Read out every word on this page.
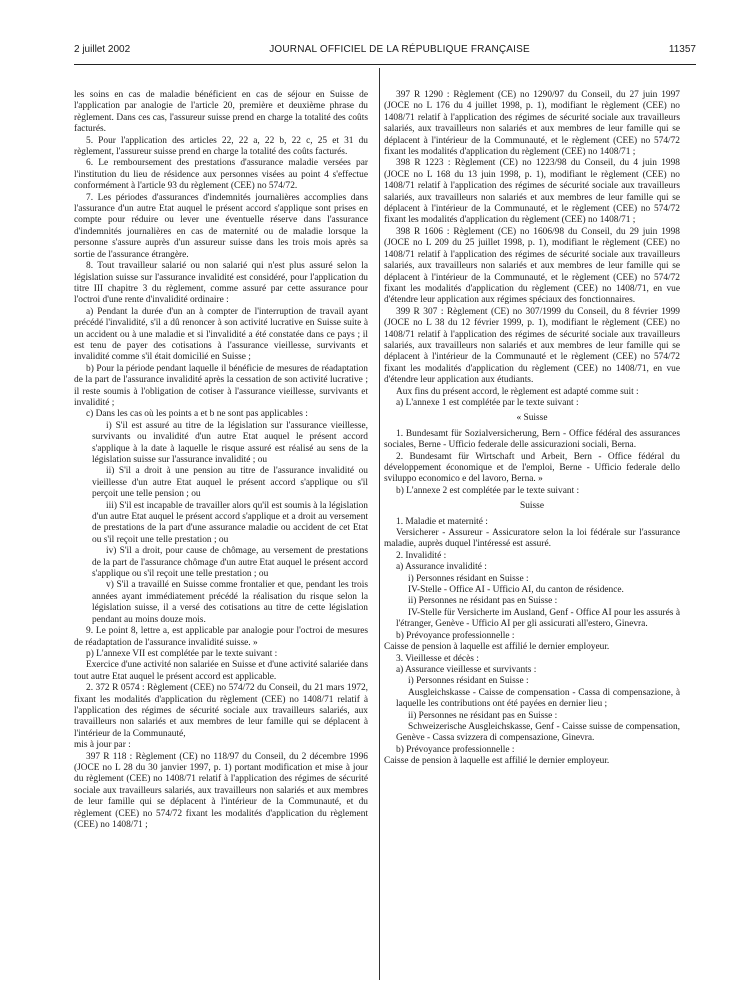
2 juillet 2002	JOURNAL OFFICIEL DE LA RÉPUBLIQUE FRANÇAISE	11357

les soins en cas de maladie bénéficient en cas de séjour en Suisse de l'application par analogie de l'article 20, première et deuxième phrase du règlement. Dans ces cas, l'assureur suisse prend en charge la totalité des coûts facturés.

5. Pour l'application des articles 22, 22 a, 22 b, 22 c, 25 et 31 du règlement, l'assureur suisse prend en charge la totalité des coûts facturés.

6. Le remboursement des prestations d'assurance maladie versées par l'institution du lieu de résidence aux personnes visées au point 4 s'effectue conformément à l'article 93 du règlement (CEE) no 574/72.

7. Les périodes d'assurances d'indemnités journalières accomplies dans l'assurance d'un autre Etat auquel le présent accord s'applique sont prises en compte pour réduire ou lever une éventuelle réserve dans l'assurance d'indemnités journalières en cas de maternité ou de maladie lorsque la personne s'assure auprès d'un assureur suisse dans les trois mois après sa sortie de l'assurance étrangère.

8. Tout travailleur salarié ou non salarié qui n'est plus assuré selon la législation suisse sur l'assurance invalidité est considéré, pour l'application du titre III chapitre 3 du règlement, comme assuré par cette assurance pour l'octroi d'une rente d'invalidité ordinaire :

a) Pendant la durée d'un an à compter de l'interruption de travail ayant précédé l'invalidité, s'il a dû renoncer à son activité lucrative en Suisse suite à un accident ou à une maladie et si l'invalidité a été constatée dans ce pays ; il est tenu de payer des cotisations à l'assurance vieillesse, survivants et invalidité comme s'il était domicilié en Suisse ;

b) Pour la période pendant laquelle il bénéficie de mesures de réadaptation de la part de l'assurance invalidité après la cessation de son activité lucrative ; il reste soumis à l'obligation de cotiser à l'assurance vieillesse, survivants et invalidité ;

c) Dans les cas où les points a et b ne sont pas applicables :

i) S'il est assuré au titre de la législation sur l'assurance vieillesse, survivants ou invalidité d'un autre Etat auquel le présent accord s'applique à la date à laquelle le risque assuré est réalisé au sens de la législation suisse sur l'assurance invalidité ; ou

ii) S'il a droit à une pension au titre de l'assurance invalidité ou vieillesse d'un autre Etat auquel le présent accord s'applique ou s'il perçoit une telle pension ; ou

iii) S'il est incapable de travailler alors qu'il est soumis à la législation d'un autre Etat auquel le présent accord s'applique et a droit au versement de prestations de la part d'une assurance maladie ou accident de cet Etat ou s'il reçoit une telle prestation ; ou

iv) S'il a droit, pour cause de chômage, au versement de prestations de la part de l'assurance chômage d'un autre Etat auquel le présent accord s'applique ou s'il reçoit une telle prestation ; ou

v) S'il a travaillé en Suisse comme frontalier et que, pendant les trois années ayant immédiatement précédé la réalisation du risque selon la législation suisse, il a versé des cotisations au titre de cette législation pendant au moins douze mois.

9. Le point 8, lettre a, est applicable par analogie pour l'octroi de mesures de réadaptation de l'assurance invalidité suisse. »

p) L'annexe VII est complétée par le texte suivant :

Exercice d'une activité non salariée en Suisse et d'une activité salariée dans tout autre Etat auquel le présent accord est applicable.

2. 372 R 0574 : Règlement (CEE) no 574/72 du Conseil, du 21 mars 1972, fixant les modalités d'application du règlement (CEE) no 1408/71 relatif à l'application des régimes de sécurité sociale aux travailleurs salariés, aux travailleurs non salariés et aux membres de leur famille qui se déplacent à l'intérieur de la Communauté,

mis à jour par :

397 R 118 : Règlement (CE) no 118/97 du Conseil, du 2 décembre 1996 (JOCE no L 28 du 30 janvier 1997, p. 1) portant modification et mise à jour du règlement (CEE) no 1408/71 relatif à l'application des régimes de sécurité sociale aux travailleurs salariés, aux travailleurs non salariés et aux membres de leur famille qui se déplacent à l'intérieur de la Communauté, et du règlement (CEE) no 574/72 fixant les modalités d'application du règlement (CEE) no 1408/71 ;

397 R 1290 : Règlement (CE) no 1290/97 du Conseil, du 27 juin 1997 (JOCE no L 176 du 4 juillet 1998, p. 1), modifiant le règlement (CEE) no 1408/71 relatif à l'application des régimes de sécurité sociale aux travailleurs salariés, aux travailleurs non salariés et aux membres de leur famille qui se déplacent à l'intérieur de la Communauté, et le règlement (CEE) no 574/72 fixant les modalités d'application du règlement (CEE) no 1408/71 ;

398 R 1223 : Règlement (CE) no 1223/98 du Conseil, du 4 juin 1998 (JOCE no L 168 du 13 juin 1998, p. 1), modifiant le règlement (CEE) no 1408/71 relatif à l'application des régimes de sécurité sociale aux travailleurs salariés, aux travailleurs non salariés et aux membres de leur famille qui se déplacent à l'intérieur de la Communauté, et le règlement (CEE) no 574/72 fixant les modalités d'application du règlement (CEE) no 1408/71 ;

398 R 1606 : Règlement (CE) no 1606/98 du Conseil, du 29 juin 1998 (JOCE no L 209 du 25 juillet 1998, p. 1), modifiant le règlement (CEE) no 1408/71 relatif à l'application des régimes de sécurité sociale aux travailleurs salariés, aux travailleurs non salariés et aux membres de leur famille qui se déplacent à l'intérieur de la Communauté, et le règlement (CEE) no 574/72 fixant les modalités d'application du règlement (CEE) no 1408/71, en vue d'étendre leur application aux régimes spéciaux des fonctionnaires.

399 R 307 : Règlement (CE) no 307/1999 du Conseil, du 8 février 1999 (JOCE no L 38 du 12 février 1999, p. 1), modifiant le règlement (CEE) no 1408/71 relatif à l'application des régimes de sécurité sociale aux travailleurs salariés, aux travailleurs non salariés et aux membres de leur famille qui se déplacent à l'intérieur de la Communauté et le règlement (CEE) no 574/72 fixant les modalités d'application du règlement (CEE) no 1408/71, en vue d'étendre leur application aux étudiants.

Aux fins du présent accord, le règlement est adapté comme suit :

a) L'annexe 1 est complétée par le texte suivant :

« Suisse

1. Bundesamt für Sozialversicherung, Bern - Office fédéral des assurances sociales, Berne - Ufficio federale delle assicurazioni sociali, Berna.

2. Bundesamt für Wirtschaft und Arbeit, Bern - Office fédéral du développement économique et de l'emploi, Berne - Ufficio federale dello sviluppo economico e del lavoro, Berna. »

b) L'annexe 2 est complétée par le texte suivant :

Suisse

1. Maladie et maternité :

Versicherer - Assureur - Assicuratore selon la loi fédérale sur l'assurance maladie, auprès duquel l'intéressé est assuré.

2. Invalidité :

a) Assurance invalidité :

i) Personnes résidant en Suisse :

IV-Stelle - Office AI - Ufficio AI, du canton de résidence.

ii) Personnes ne résidant pas en Suisse :

IV-Stelle für Versicherte im Ausland, Genf - Office AI pour les assurés à l'étranger, Genève - Ufficio AI per gli assicurati all'estero, Ginevra.

b) Prévoyance professionnelle :

Caisse de pension à laquelle est affilié le dernier employeur.

3. Vieillesse et décès :

a) Assurance vieillesse et survivants :

i) Personnes résidant en Suisse :

Ausgleichskasse - Caisse de compensation - Cassa di compensazione, à laquelle les contributions ont été payées en dernier lieu ;

ii) Personnes ne résidant pas en Suisse :

Schweizerische Ausgleichskasse, Genf - Caisse suisse de compensation, Genève - Cassa svizzera di compensazione, Ginevra.

b) Prévoyance professionnelle :

Caisse de pension à laquelle est affilié le dernier employeur.
